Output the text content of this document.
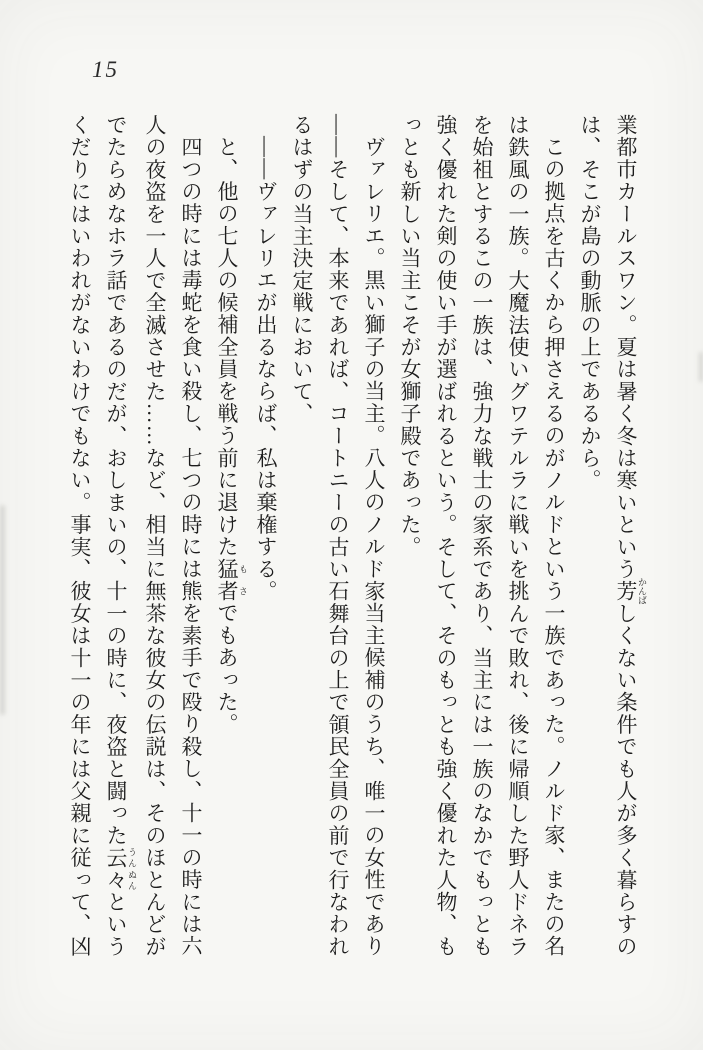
15
業都市カールスワン。夏は暑く冬は寒いという芳 かんばしくない条件でも人が多く暮らすの
は、そこが島の動脈の上であるから。
この拠点を古くから押さえるのがノルドという一族であった。ノルド家、またの名
は鉄風の一族。大魔法使いグワテルラに戦いを挑んで敗れ、後に帰順した野人ドネラ
を始祖とするこの一族は、強力な戦士の家系であり、当主には一族のなかでもっとも
強く優れた剣の使い手が選ばれるという。そして、そのもっとも強く優れた人物、も
っとも新しい当主こそが女獅子殿であった。
ヴァレリエ。黒い獅子の当主。八人のノルド家当主候補のうち、唯一の女性であり
——そして、本来であれば、コートニーの古い石舞台の上で領民全員の前で行なわれ
るはずの当主決定戦において、
——ヴァレリエが出るならば、私は棄権する。
と、他の七人の候補全員を戦う前に退けた猛者 もさでもあった。
四つの時には毒蛇を食い殺し、七つの時には熊を素手で殴り殺し、十一の時には六
人の夜盗を一人で全滅させた……など、相当に無茶な彼女の伝説は、そのほとんどが
でたらめなホラ話であるのだが、おしまいの、十一の時に、夜盗と闘った云々 うんぬんという
くだりにはいわれがないわけでもない。事実、彼女は十一の年には父親に従って、凶
